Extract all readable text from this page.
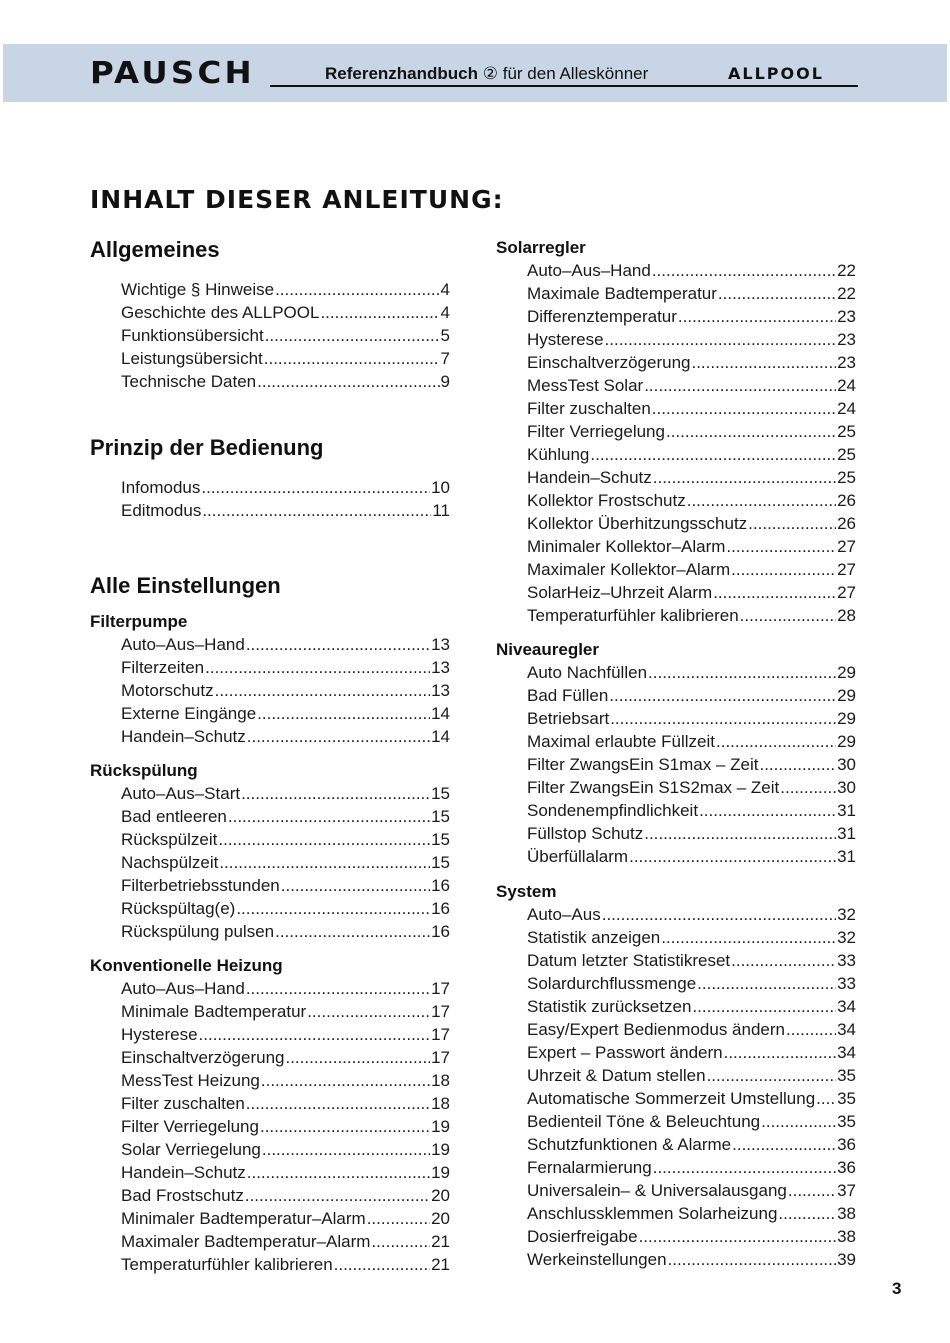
PAUSCH	Referenzhandbuch ② für den Alleskönner	ALLPOOL
INHALT DIESER ANLEITUNG:
Allgemeines
Wichtige § Hinweise .....	4
Geschichte des ALLPOOL .....	4
Funktionsübersicht .....	5
Leistungsübersicht .....	7
Technische Daten .....	9
Prinzip der Bedienung
Infomodus .....	10
Editmodus .....	11
Alle Einstellungen
Filterpumpe
Auto–Aus–Hand .....	13
Filterzeiten .....	13
Motorschutz .....	13
Externe Eingänge .....	14
Handein–Schutz .....	14
Rückspülung
Auto–Aus–Start .....	15
Bad entleeren .....	15
Rückspülzeit .....	15
Nachspülzeit .....	15
Filterbetriebsstunden .....	16
Rückspültag(e) .....	16
Rückspülung pulsen .....	16
Konventionelle Heizung
Auto–Aus–Hand .....	17
Minimale Badtemperatur .....	17
Hysterese .....	17
Einschaltverzögerung .....	17
MessTest Heizung .....	18
Filter zuschalten .....	18
Filter Verriegelung .....	19
Solar Verriegelung .....	19
Handein–Schutz .....	19
Bad Frostschutz .....	20
Minimaler Badtemperatur–Alarm .....	20
Maximaler Badtemperatur–Alarm .....	21
Temperaturfühler kalibrieren .....	21
Solarregler
Auto–Aus–Hand .....	22
Maximale Badtemperatur .....	22
Differenztemperatur .....	23
Hysterese .....	23
Einschaltverzögerung .....	23
MessTest Solar .....	24
Filter zuschalten .....	24
Filter Verriegelung .....	25
Kühlung .....	25
Handein–Schutz .....	25
Kollektor Frostschutz .....	26
Kollektor Überhitzungsschutz .....	26
Minimaler Kollektor–Alarm .....	27
Maximaler Kollektor–Alarm .....	27
SolarHeiz–Uhrzeit Alarm .....	27
Temperaturfühler kalibrieren .....	28
Niveauregler
Auto Nachfüllen .....	29
Bad Füllen .....	29
Betriebsart .....	29
Maximal erlaubte Füllzeit .....	29
Filter ZwangsEin S1max – Zeit .....	30
Filter ZwangsEin S1S2max – Zeit .....	30
Sondenempfindlichkeit .....	31
Füllstop Schutz .....	31
Überfüllalarm .....	31
System
Auto–Aus .....	32
Statistik anzeigen .....	32
Datum letzter Statistikreset .....	33
Solardurchflussmenge .....	33
Statistik zurücksetzen .....	34
Easy/Expert Bedienmodus ändern .....	34
Expert – Passwort ändern .....	34
Uhrzeit & Datum stellen .....	35
Automatische Sommerzeit Umstellung ..... 35
Bedienteil Töne & Beleuchtung .....	35
Schutzfunktionen & Alarme .....	36
Fernalarmierung .....	36
Universalein– & Universalausgang .....	37
Anschlussklemmen Solarheizung .....	38
Dosierfreigabe .....	38
Werkeinstellungen .....	39
3
